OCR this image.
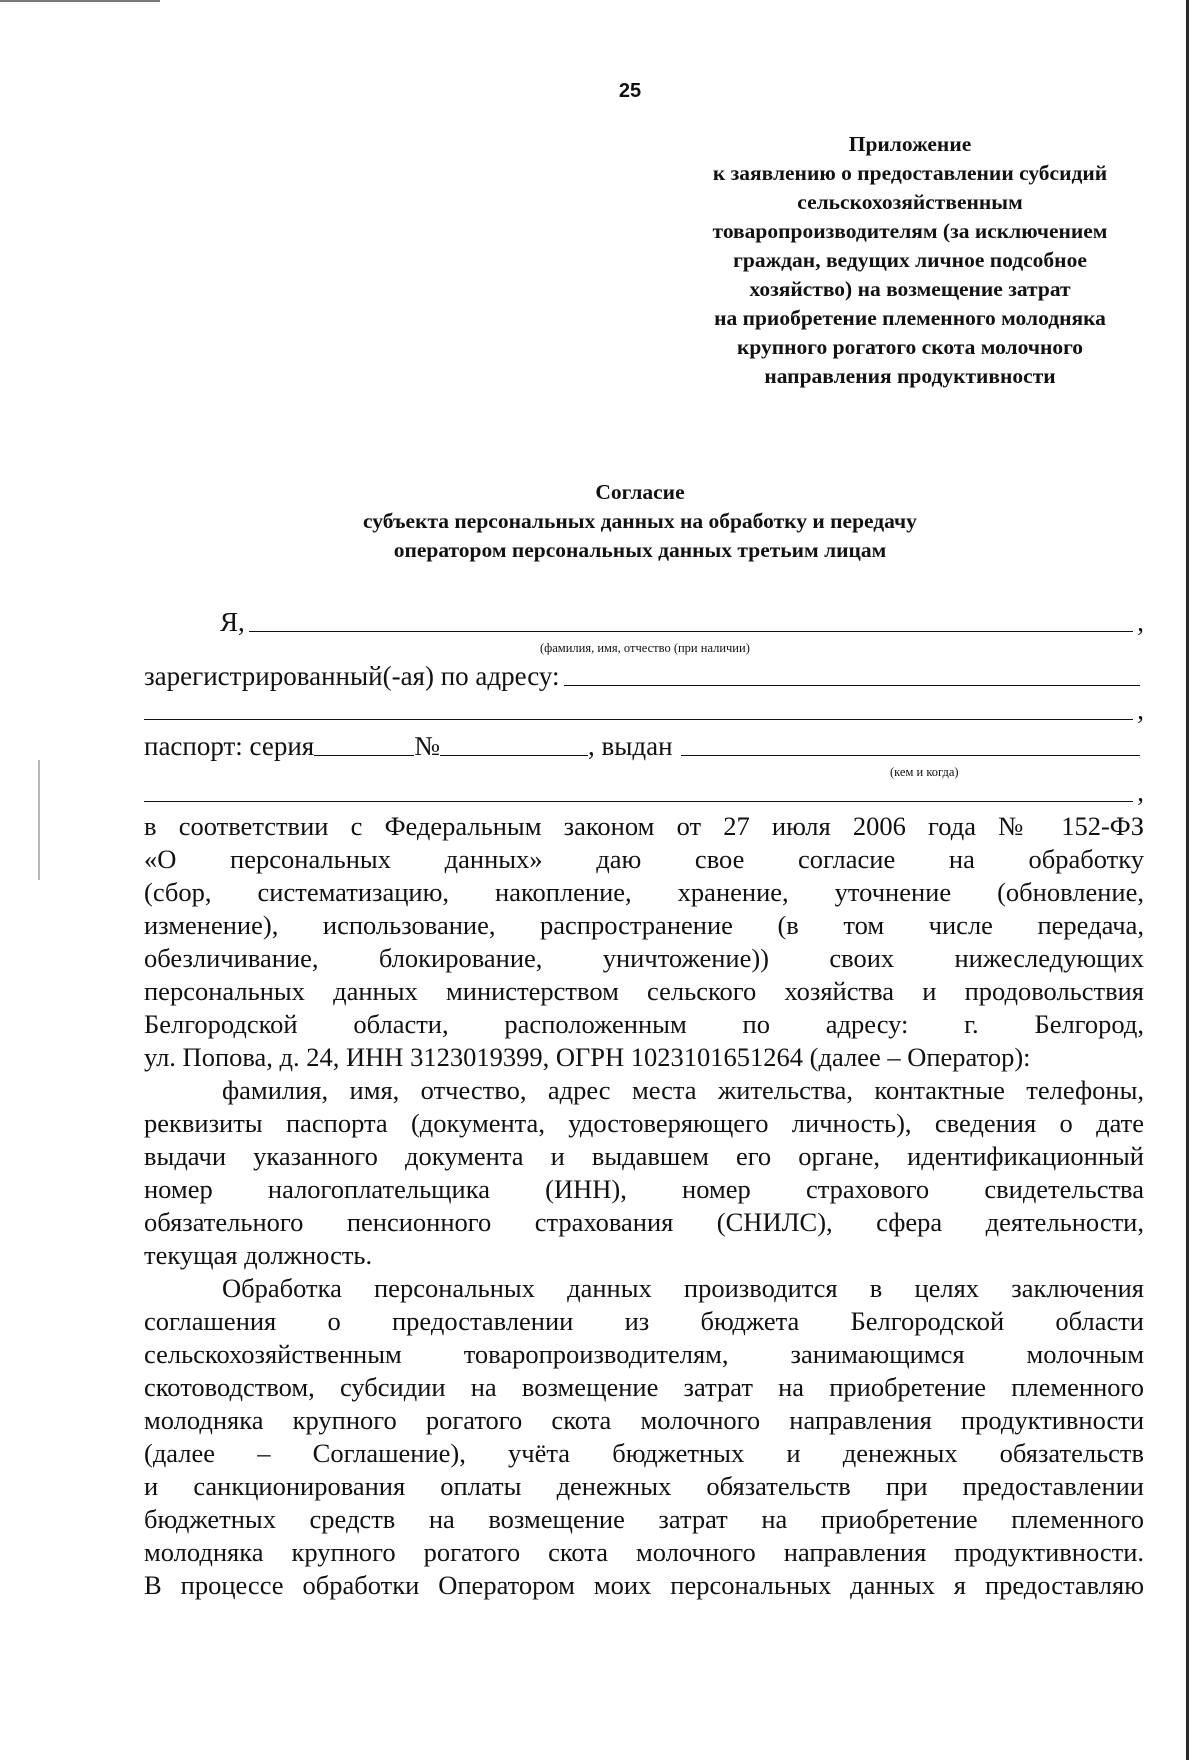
25
Приложение
к заявлению о предоставлении субсидий
сельскохозяйственным
товаропроизводителям (за исключением
граждан, ведущих личное подсобное
хозяйство) на возмещение затрат
на приобретение племенного молодняка
крупного рогатого скота молочного
направления продуктивности
Согласие
субъекта персональных данных на обработку и передачу
оператором персональных данных третьим лицам
Я,	,
(фамилия, имя, отчество (при наличии)
зарегистрированный(-ая) по адресу:
,
паспорт: серия	№	, выдан
(кем и когда)
,
в соответствии с Федеральным законом от 27 июля 2006 года № 152-ФЗ
«О персональных данных» даю свое согласие на обработку
(сбор, систематизацию, накопление, хранение, уточнение (обновление,
изменение), использование, распространение (в том числе передача,
обезличивание, блокирование, уничтожение)) своих нижеследующих
персональных данных министерством сельского хозяйства и продовольствия
Белгородской области, расположенным по адресу: г. Белгород,
ул. Попова, д. 24, ИНН 3123019399, ОГРН 1023101651264 (далее – Оператор):
фамилия, имя, отчество, адрес места жительства, контактные телефоны,
реквизиты паспорта (документа, удостоверяющего личность), сведения о дате
выдачи указанного документа и выдавшем его органе, идентификационный
номер налогоплательщика (ИНН), номер страхового свидетельства
обязательного пенсионного страхования (СНИЛС), сфера деятельности,
текущая должность.
Обработка персональных данных производится в целях заключения
соглашения о предоставлении из бюджета Белгородской области
сельскохозяйственным товаропроизводителям, занимающимся молочным
скотоводством, субсидии на возмещение затрат на приобретение племенного
молодняка крупного рогатого скота молочного направления продуктивности
(далее – Соглашение), учёта бюджетных и денежных обязательств
и санкционирования оплаты денежных обязательств при предоставлении
бюджетных средств на возмещение затрат на приобретение племенного
молодняка крупного рогатого скота молочного направления продуктивности.
В процессе обработки Оператором моих персональных данных я предоставляю
